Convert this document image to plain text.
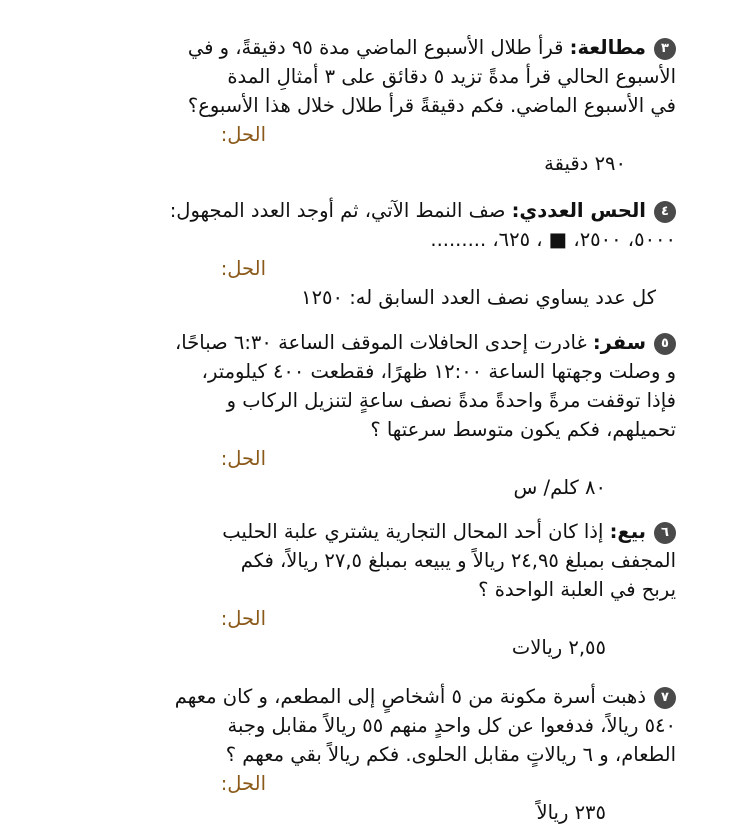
٣مطالعة: قرأ طلال الأسبوع الماضي مدة ٩٥ دقيقةً، و في
الأسبوع الحالي قرأ مدةً تزيد ٥ دقائق على ٣ أمثالِ المدة
في الأسبوع الماضي. فكم دقيقةً قرأ طلال خلال هذا الأسبوع؟
الحل:
٢٩٠ دقيقة
٤الحس العددي: صف النمط الآتي، ثم أوجد العدد المجهول:
٥٠٠٠، ٢٥٠٠، ■ ، ٦٢٥، .........
الحل:
كل عدد يساوي نصف العدد السابق له: ١٢٥٠
٥سفر: غادرت إحدى الحافلات الموقف الساعة ٦:٣٠ صباحًا،
و وصلت وجهتها الساعة ١٢:٠٠ ظهرًا، فقطعت ٤٠٠ كيلومتر،
فإذا توقفت مرةً واحدةً مدةً نصف ساعةٍ لتنزيل الركاب و
تحميلهم، فكم يكون متوسط سرعتها ؟
الحل:
٨٠ كلم/ س
٦بيع: إذا كان أحد المحال التجارية يشتري علبة الحليب
المجفف بمبلغ ٢٤,٩٥ ريالاً و يبيعه بمبلغ ٢٧,٥ ريالاً، فكم
يربح في العلبة الواحدة ؟
الحل:
٢,٥٥ ريالات
٧ذهبت أسرة مكونة من ٥ أشخاصٍ إلى المطعم، و كان معهم
٥٤٠ ريالاً، فدفعوا عن كل واحدٍ منهم ٥٥ ريالاً مقابل وجبة
الطعام، و ٦ ريالاتٍ مقابل الحلوى. فكم ريالاً بقي معهم ؟
الحل:
٢٣٥ ريالاً
